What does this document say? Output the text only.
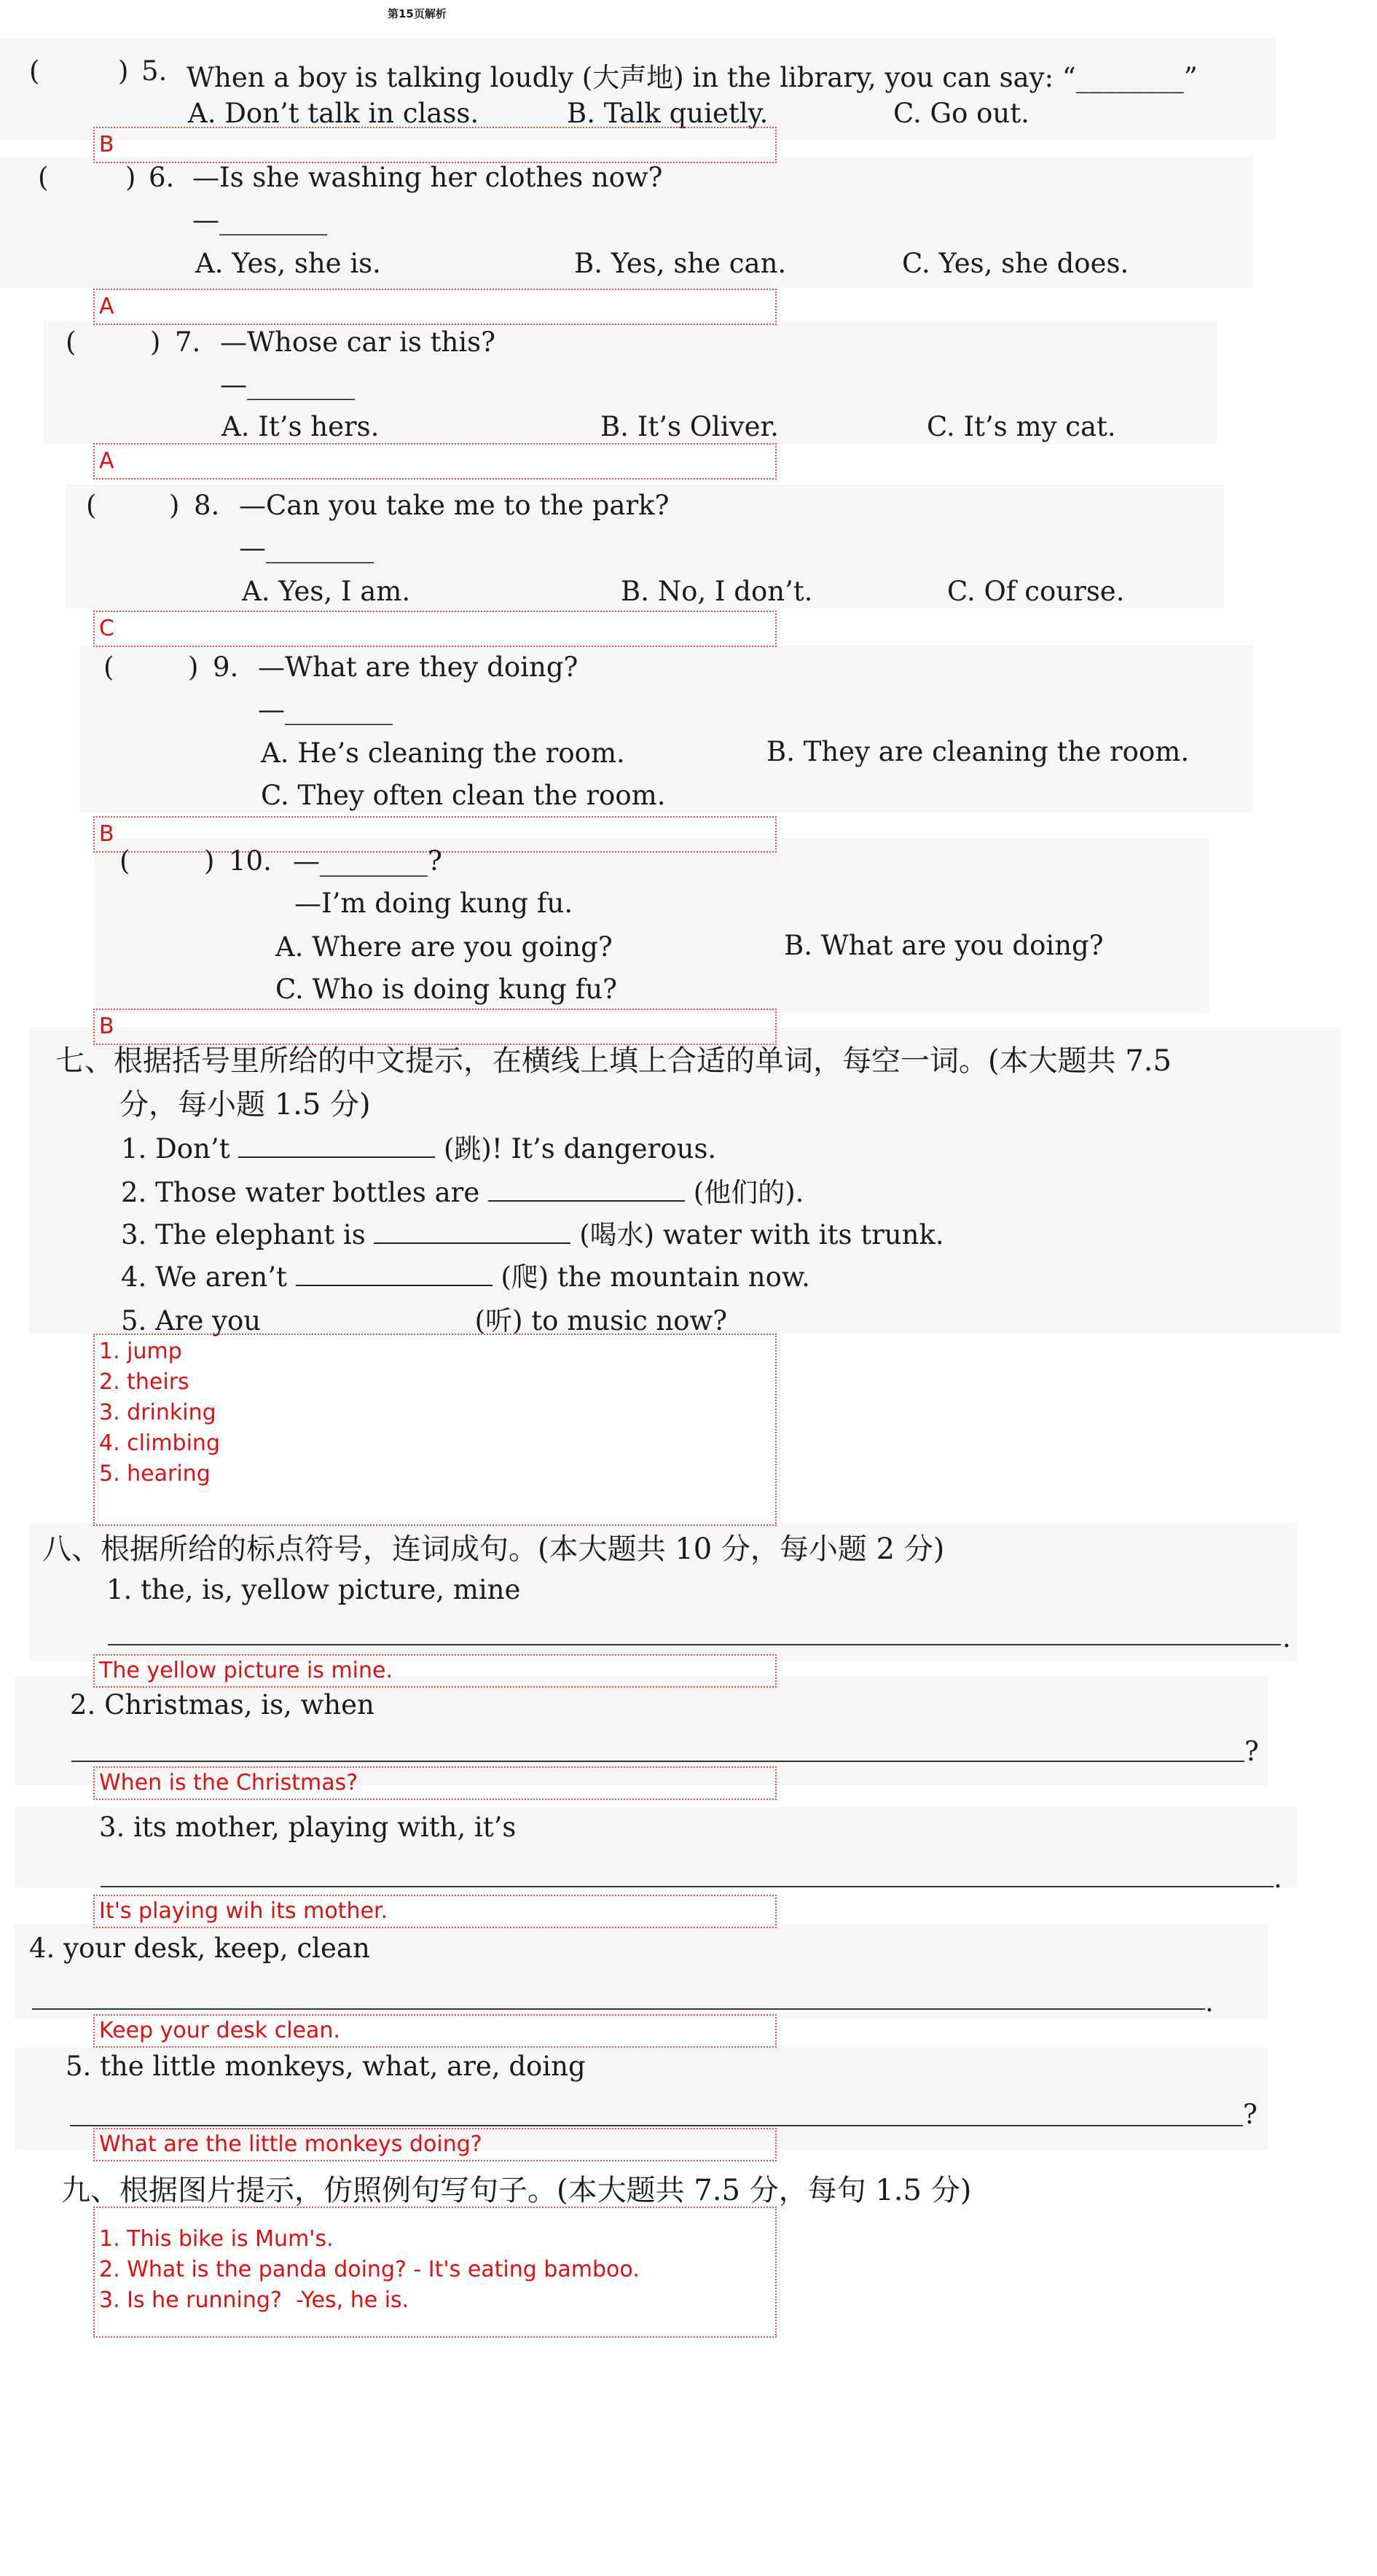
第15页解析
(	) 5. When a boy is talking loudly (大声地) in the library, you can say: “________”
A. Don’t talk in class.	B. Talk quietly.	C. Go out.
B
(	) 6. —Is she washing her clothes now?
—________
A. Yes, she is.	B. Yes, she can.	C. Yes, she does.
A
(	) 7. —Whose car is this?
—________
A. It’s hers.	B. It’s Oliver.	C. It’s my cat.
A
(	) 8. —Can you take me to the park?
—________
A. Yes, I am.	B. No, I don’t.	C. Of course.
C
(	) 9. —What are they doing?
—________
A. He’s cleaning the room.	B. They are cleaning the room.
C. They often clean the room.
B
(	) 10. —________?
—I’m doing kung fu.
A. Where are you going?	B. What are you doing?
C. Who is doing kung fu?
B
七、根据括号里所给的中文提示，在横线上填上合适的单词，每空一词。(本大题共 7.5
分，每小题 1.5 分)
1. Don’t	(跳)! It’s dangerous.
2. Those water bottles are	(他们的).
3. The elephant is	(喝水) water with its trunk.
4. We aren’t	(爬) the mountain now.
5. Are you	(听) to music now?
1. jump
2. theirs
3. drinking
4. climbing
5. hearing
八、根据所给的标点符号，连词成句。(本大题共 10 分，每小题 2 分)
1. the, is, yellow picture, mine
.
The yellow picture is mine.
2. Christmas, is, when
?
When is the Christmas?
3. its mother, playing with, it’s
.
It's playing wih its mother.
4. your desk, keep, clean
.
Keep your desk clean.
5. the little monkeys, what, are, doing
?
What are the little monkeys doing?
九、根据图片提示，仿照例句写句子。(本大题共 7.5 分，每句 1.5 分)
1. This bike is Mum's.
2. What is the panda doing? - It's eating bamboo.
3. Is he running?  -Yes, he is.
